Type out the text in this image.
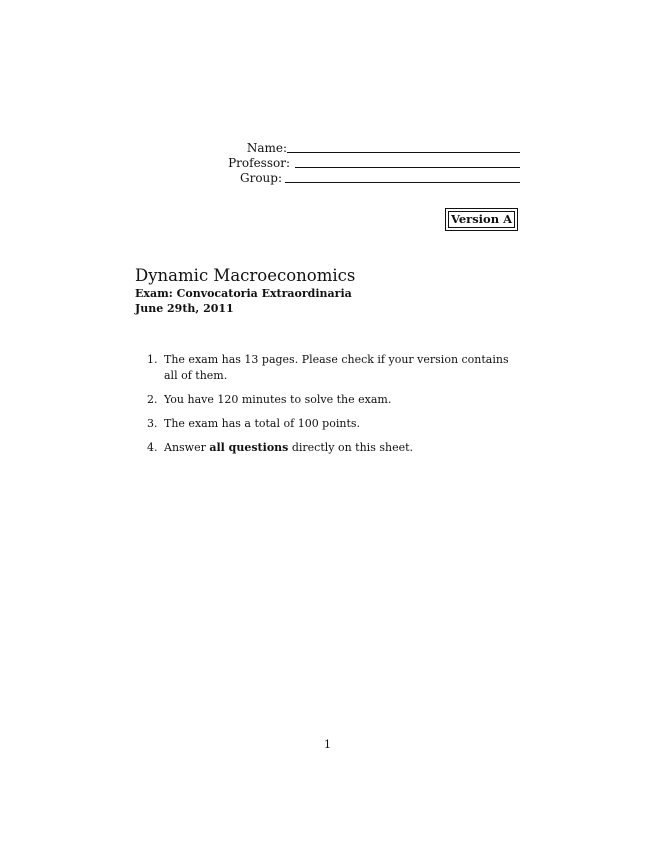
Name:
Professor:
Group:
Version A
Dynamic Macroeconomics
Exam: Convocatoria Extraordinaria
June 29th, 2011
1. The exam has 13 pages. Please check if your version contains all of them.
2. You have 120 minutes to solve the exam.
3. The exam has a total of 100 points.
4. Answer all questions directly on this sheet.
1
